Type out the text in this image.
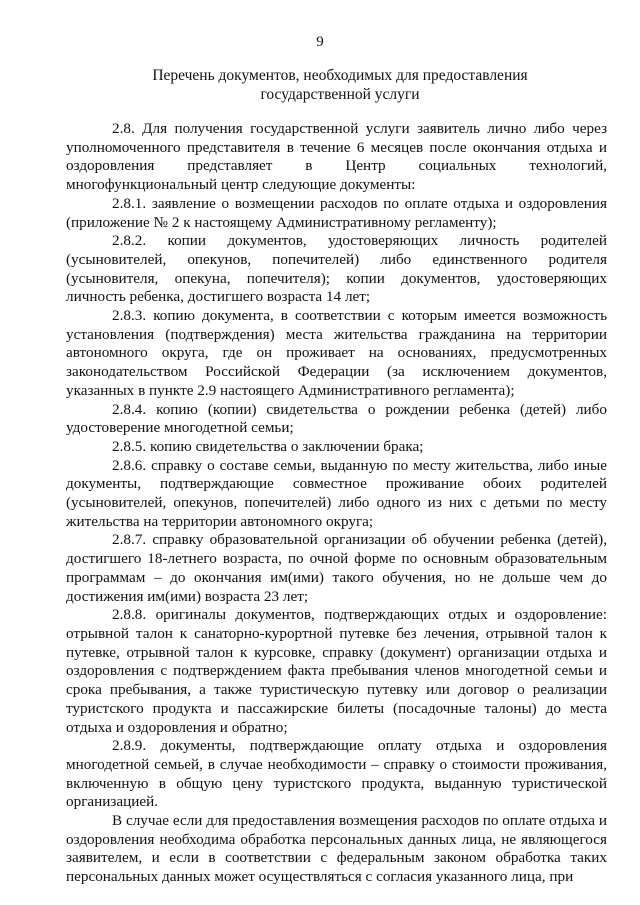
9
Перечень документов, необходимых для предоставления
государственной услуги

2.8. Для получения государственной услуги заявитель лично либо через уполномоченного представителя в течение 6 месяцев после окончания отдыха и оздоровления представляет в Центр социальных технологий, многофункциональный центр следующие документы:

2.8.1. заявление о возмещении расходов по оплате отдыха и оздоровления (приложение № 2 к настоящему Административному регламенту);

2.8.2. копии документов, удостоверяющих личность родителей (усыновителей, опекунов, попечителей) либо единственного родителя (усыновителя, опекуна, попечителя); копии документов, удостоверяющих личность ребенка, достигшего возраста 14 лет;

2.8.3. копию документа, в соответствии с которым имеется возможность установления (подтверждения) места жительства гражданина на территории автономного округа, где он проживает на основаниях, предусмотренных законодательством Российской Федерации (за исключением документов, указанных в пункте 2.9 настоящего Административного регламента);

2.8.4. копию (копии) свидетельства о рождении ребенка (детей) либо удостоверение многодетной семьи;

2.8.5. копию свидетельства о заключении брака;

2.8.6. справку о составе семьи, выданную по месту жительства, либо иные документы, подтверждающие совместное проживание обоих родителей (усыновителей, опекунов, попечителей) либо одного из них с детьми по месту жительства на территории автономного округа;

2.8.7. справку образовательной организации об обучении ребенка (детей), достигшего 18-летнего возраста, по очной форме по основным образовательным программам – до окончания им(ими) такого обучения, но не дольше чем до достижения им(ими) возраста 23 лет;

2.8.8. оригиналы документов, подтверждающих отдых и оздоровление: отрывной талон к санаторно-курортной путевке без лечения, отрывной талон к путевке, отрывной талон к курсовке, справку (документ) организации отдыха и оздоровления с подтверждением факта пребывания членов многодетной семьи и срока пребывания, а также туристическую путевку или договор о реализации туристского продукта и пассажирские билеты (посадочные талоны) до места отдыха и оздоровления и обратно;

2.8.9. документы, подтверждающие оплату отдыха и оздоровления многодетной семьей, в случае необходимости – справку о стоимости проживания, включенную в общую цену туристского продукта, выданную туристической организацией.

В случае если для предоставления возмещения расходов по оплате отдыха и оздоровления необходима обработка персональных данных лица, не являющегося заявителем, и если в соответствии с федеральным законом обработка таких персональных данных может осуществляться с согласия указанного лица, при
